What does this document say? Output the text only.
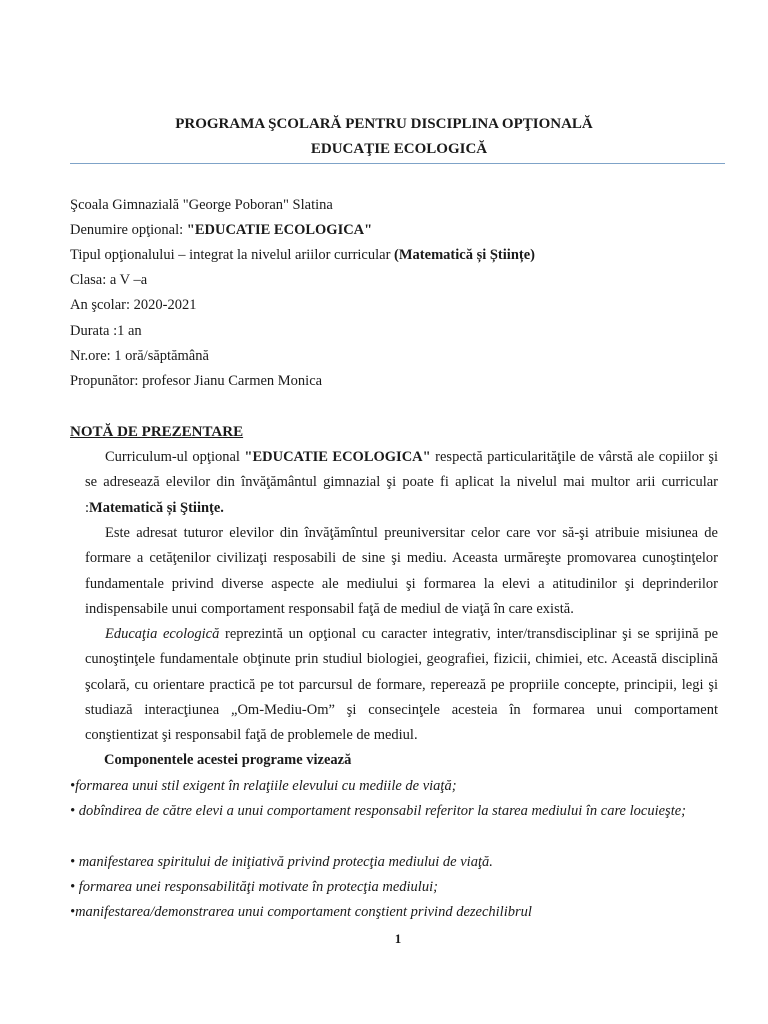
PROGRAMA ŞCOLARĂ PENTRU DISCIPLINA OPŢIONALĂ
EDUCAŢIE ECOLOGICĂ
Şcoala Gimnazială "George Poboran" Slatina
Denumire opţional: "EDUCATIE ECOLOGICA"
Tipul opţionalului – integrat la nivelul ariilor curricular (Matematică și Științe)
Clasa: a V –a
An şcolar: 2020-2021
Durata :1 an
Nr.ore: 1 oră/săptămână
Propunător: profesor Jianu Carmen Monica
NOTĂ DE PREZENTARE
Curriculum-ul opţional "EDUCATIE ECOLOGICA" respectă particularităţile de vârstă ale copiilor şi se adresează elevilor din învăţământul gimnazial şi poate fi aplicat la nivelul mai multor arii curricular :Matematică și Ştiinţe.
Este adresat tuturor elevilor din învăţămîntul preuniversitar celor care vor să-şi atribuie misiunea de formare a cetăţenilor civilizaţi resposabili de sine şi mediu. Aceasta urmăreşte promovarea cunoştinţelor fundamentale privind diverse aspecte ale mediului şi formarea la elevi a atitudinilor şi deprinderilor indispensabile unui comportament responsabil faţă de mediul de viaţă în care există.
Educaţia ecologică reprezintă un opţional cu caracter integrativ, inter/transdisciplinar şi se sprijină pe cunoştinţele fundamentale obţinute prin studiul biologiei, geografiei, fizicii, chimiei, etc. Această disciplină şcolară, cu orientare practică pe tot parcursul de formare, reperează pe propriile concepte, principii, legi şi studiază interacţiunea „Om-Mediu-Om” şi consecinţele acesteia în formarea unui comportament conştientizat şi responsabil faţă de problemele de mediul.
Componentele acestei programe vizează
•formarea unui stil exigent în relaţiile elevului cu mediile de viaţă;
• dobîndirea de către elevi a unui comportament responsabil referitor la starea mediului în care locuieşte;
• manifestarea spiritului de iniţiativă privind protecţia mediului de viaţă.
• formarea unei responsabilităţi motivate în protecţia mediului;
•manifestarea/demonstrarea unui comportament conştient privind dezechilibrul
1
